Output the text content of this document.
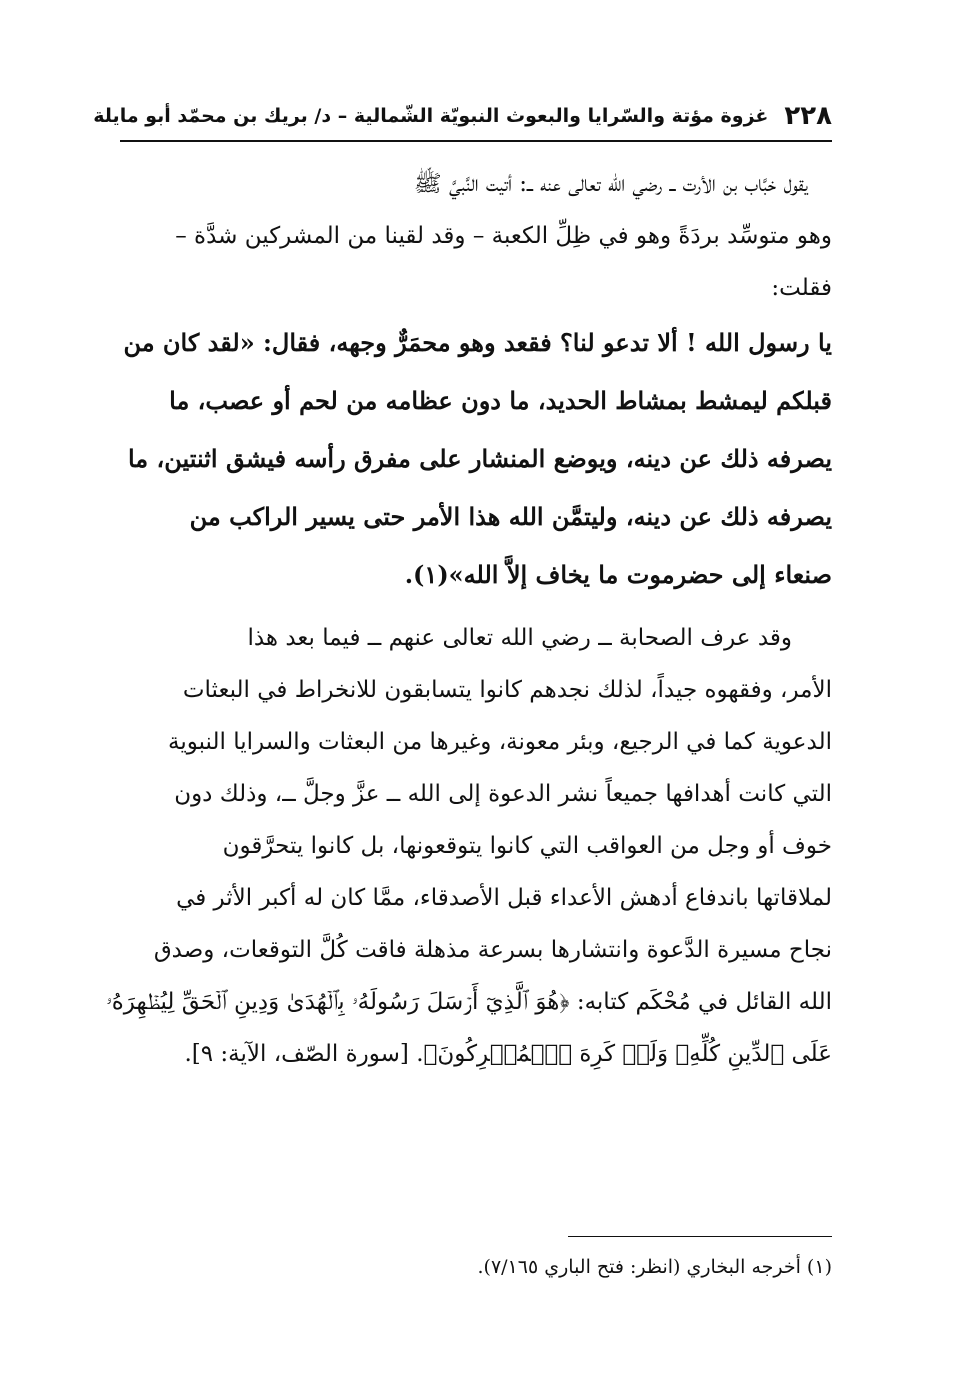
٢٢٨
غزوة مؤتة والسّرايا والبعوث النبويّة الشّمالية – د/ بريك بن محمّد أبو مايلة

يقول خبَّاب بن الأرت ــ رضي الله تعالى عنه ــ: أتيت النَّبيَّ ﷺ
وهو متوسِّد بردَةً وهو في ظِلِّ الكعبة – وقد لقينا من المشركين شدَّة –
فقلت:

يا رسول الله ! ألا تدعو لنا؟ فقعد وهو محمَرٌّ وجهه، فقال: «لقد كان من
قبلكم ليمشط بمشاط الحديد، ما دون عظامه من لحم أو عصب، ما
يصرفه ذلك عن دينه، ويوضع المنشار على مفرق رأسه فيشق اثنتين، ما
يصرفه ذلك عن دينه، وليتمَّن الله هذا الأمر حتى يسير الراكب من
صنعاء إلى حضرموت ما يخاف إلاَّ الله»(١).

وقد عرف الصحابة ــ رضي الله تعالى عنهم ــ فيما بعد هذا
الأمر، وفقهوه جيداً، لذلك نجدهم كانوا يتسابقون للانخراط في البعثات
الدعوية كما في الرجيع، وبئر معونة، وغيرها من البعثات والسرايا النبوية
التي كانت أهدافها جميعاً نشر الدعوة إلى الله ــ عزَّ وجلَّ ــ، وذلك دون
خوف أو وجل من العواقب التي كانوا يتوقعونها، بل كانوا يتحرَّقون
لملاقاتها باندفاع أدهش الأعداء قبل الأصدقاء، ممَّا كان له أكبر الأثر في
نجاح مسيرة الدَّعوة وانتشارها بسرعة مذهلة فاقت كُلَّ التوقعات، وصدق
الله القائل في مُحْكَم كتابه: ﴿هُوَ ٱلَّذِيٓ أَرۡسَلَ رَسُولَهُۥ بِٱلۡهُدَىٰ وَدِينِ ٱلۡحَقِّ لِيُظۡهِرَهُۥ
عَلَى ٱلدِّينِ كُلِّهِۦ وَلَوۡ كَرِهَ ٱلۡمُشۡرِكُونَ﴾. [سورة الصّف، الآية: ٩].

(١) أخرجه البخاري (انظر: فتح الباري ٧/١٦٥).
